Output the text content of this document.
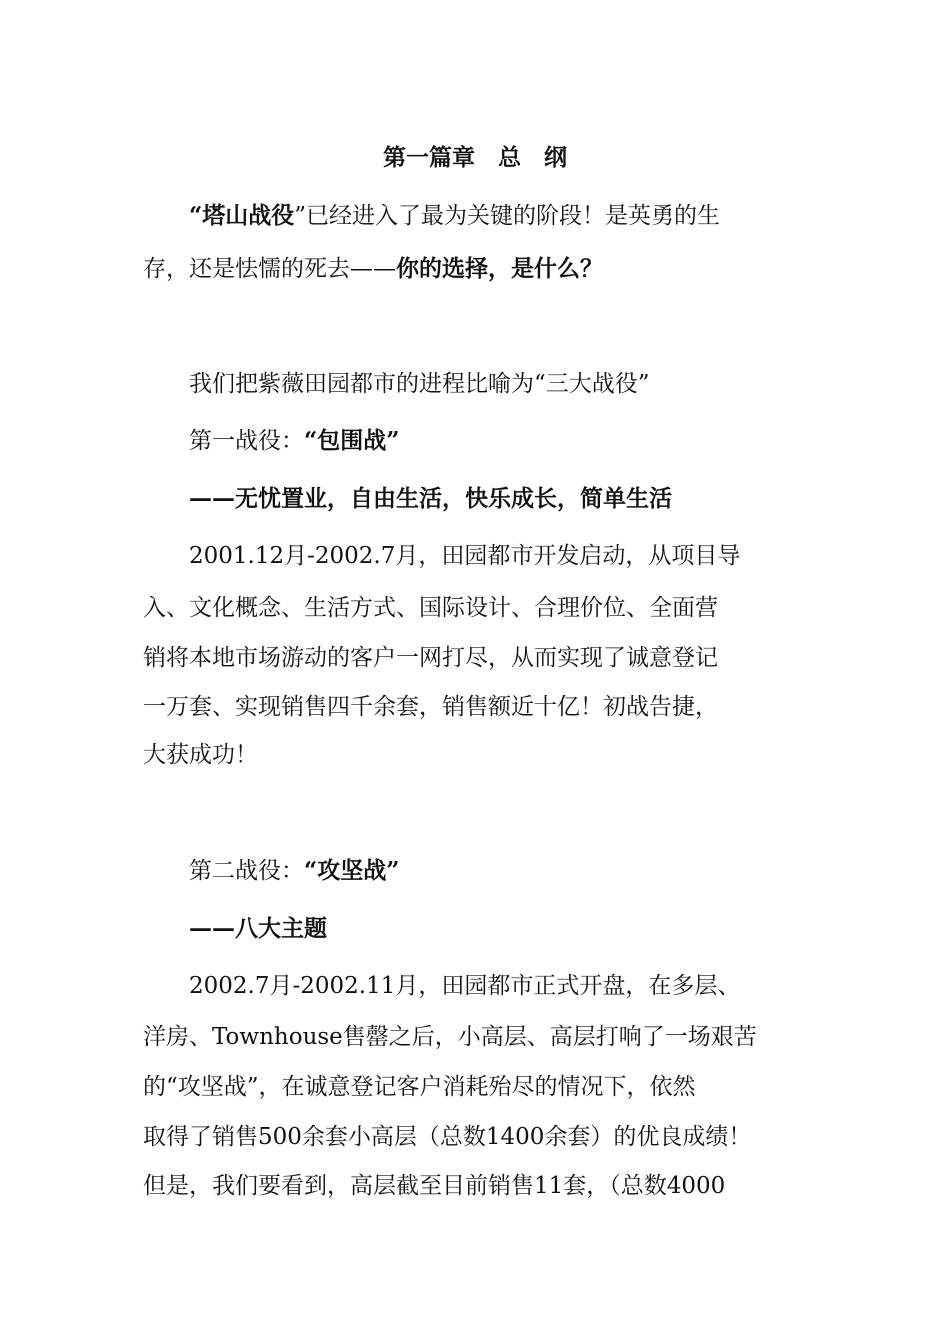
第一篇章　总　纲
“塔山战役”已经进入了最为关键的阶段！是英勇的生
存，还是怯懦的死去——你的选择，是什么？
我们把紫薇田园都市的进程比喻为“三大战役”
第一战役：“包围战”
——无忧置业，自由生活，快乐成长，简单生活
2001.12月-2002.7月，田园都市开发启动，从项目导
入、文化概念、生活方式、国际设计、合理价位、全面营
销将本地市场游动的客户一网打尽，从而实现了诚意登记
一万套、实现销售四千余套，销售额近十亿！初战告捷，
大获成功！
第二战役：“攻坚战”
——八大主题
2002.7月-2002.11月，田园都市正式开盘，在多层、
洋房、Townhouse售罄之后，小高层、高层打响了一场艰苦
的“攻坚战”，在诚意登记客户消耗殆尽的情况下，依然
取得了销售500余套小高层（总数1400余套）的优良成绩！
但是，我们要看到，高层截至目前销售11套，（总数4000
